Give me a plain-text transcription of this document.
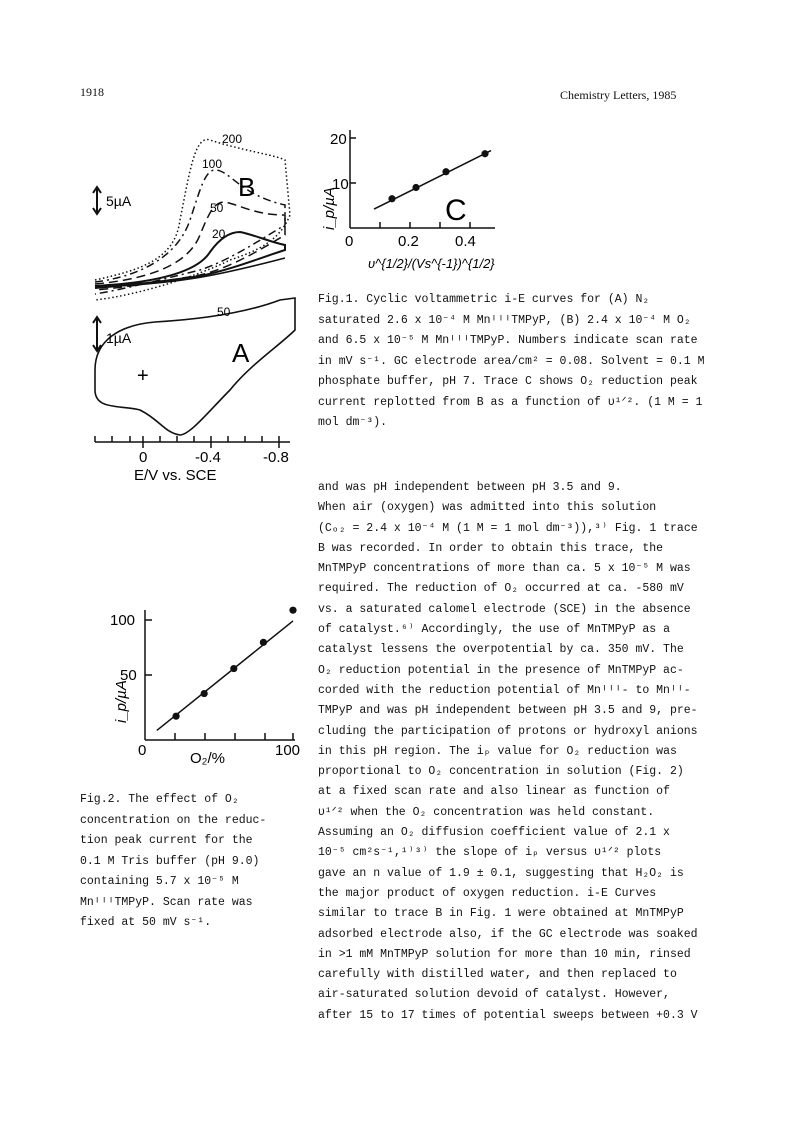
1918	Chemistry Letters, 1985
5µA
1µA
B
A
+
200
100
50
20
50
0	-0.4	-0.8
E/V vs. SCE
C
20
10
0	0.2 0.4
i_p/µA
υ^{1/2}/(Vs^{-1})^{1/2}
Fig.1. Cyclic voltammetric i-E curves for (A) N₂ saturated 2.6 x 10⁻⁴ M MnᴵᴵᴵTMPyP, (B) 2.4 x 10⁻⁴ M O₂ and 6.5 x 10⁻⁵ M MnᴵᴵᴵTMPyP. Numbers indicate scan rate in mV s⁻¹. GC electrode area/cm² = 0.08. Solvent = 0.1 M phosphate buffer, pH 7. Trace C shows O₂ reduction peak current replotted from B as a function of υ¹ᐟ². (1 M = 1 mol dm⁻³).
100
50
0	100
i_p/µA
O₂/%
Fig.2. The effect of O₂
concentration on the reduc-
tion peak current for the
0.1 M Tris buffer (pH 9.0)
containing 5.7 x 10⁻⁵ M
MnᴵᴵᴵTMPyP. Scan rate was
fixed at 50 mV s⁻¹.
and was pH independent between pH 3.5 and 9.
When air (oxygen) was admitted into this solution
(Cₒ₂ = 2.4 x 10⁻⁴ M (1 M = 1 mol dm⁻³)),³⁾ Fig. 1 trace
B was recorded. In order to obtain this trace, the
MnTMPyP concentrations of more than ca. 5 x 10⁻⁵ M was
required. The reduction of O₂ occurred at ca. -580 mV
vs. a saturated calomel electrode (SCE) in the absence
of catalyst.⁶⁾ Accordingly, the use of MnTMPyP as a
catalyst lessens the overpotential by ca. 350 mV. The
O₂ reduction potential in the presence of MnTMPyP ac-
corded with the reduction potential of Mnᴵᴵᴵ- to Mnᴵᴵ-
TMPyP and was pH independent between pH 3.5 and 9, pre-
cluding the participation of protons or hydroxyl anions
in this pH region. The iₚ value for O₂ reduction was
proportional to O₂ concentration in solution (Fig. 2)
at a fixed scan rate and also linear as function of
υ¹ᐟ² when the O₂ concentration was held constant.
Assuming an O₂ diffusion coefficient value of 2.1 x
10⁻⁵ cm²s⁻¹,¹⁾³⁾ the slope of iₚ versus υ¹ᐟ² plots
gave an n value of 1.9 ± 0.1, suggesting that H₂O₂ is
the major product of oxygen reduction. i-E Curves
similar to trace B in Fig. 1 were obtained at MnTMPyP
adsorbed electrode also, if the GC electrode was soaked
in >1 mM MnTMPyP solution for more than 10 min, rinsed
carefully with distilled water, and then replaced to
air-saturated solution devoid of catalyst. However,
after 15 to 17 times of potential sweeps between +0.3 V
